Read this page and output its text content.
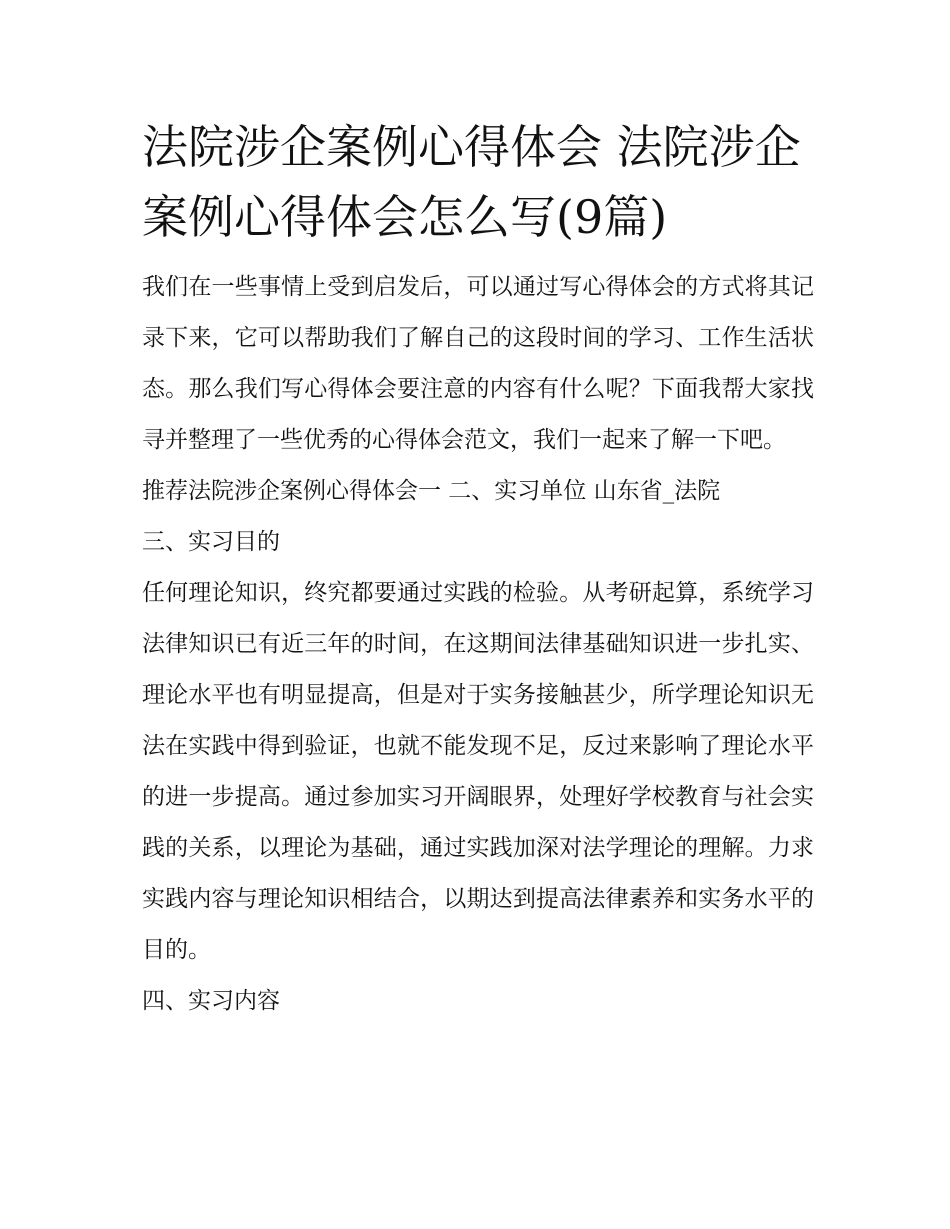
法院涉企案例心得体会 法院涉企案例心得体会怎么写(9篇)

我们在一些事情上受到启发后，可以通过写心得体会的方式将其记录下来，它可以帮助我们了解自己的这段时间的学习、工作生活状态。那么我们写心得体会要注意的内容有什么呢？下面我帮大家找寻并整理了一些优秀的心得体会范文，我们一起来了解一下吧。

推荐法院涉企案例心得体会一 二、实习单位 山东省_法院

三、实习目的

任何理论知识，终究都要通过实践的检验。从考研起算，系统学习法律知识已有近三年的时间，在这期间法律基础知识进一步扎实、理论水平也有明显提高，但是对于实务接触甚少，所学理论知识无法在实践中得到验证，也就不能发现不足，反过来影响了理论水平的进一步提高。通过参加实习开阔眼界，处理好学校教育与社会实践的关系，以理论为基础，通过实践加深对法学理论的理解。力求实践内容与理论知识相结合，以期达到提高法律素养和实务水平的目的。

四、实习内容
